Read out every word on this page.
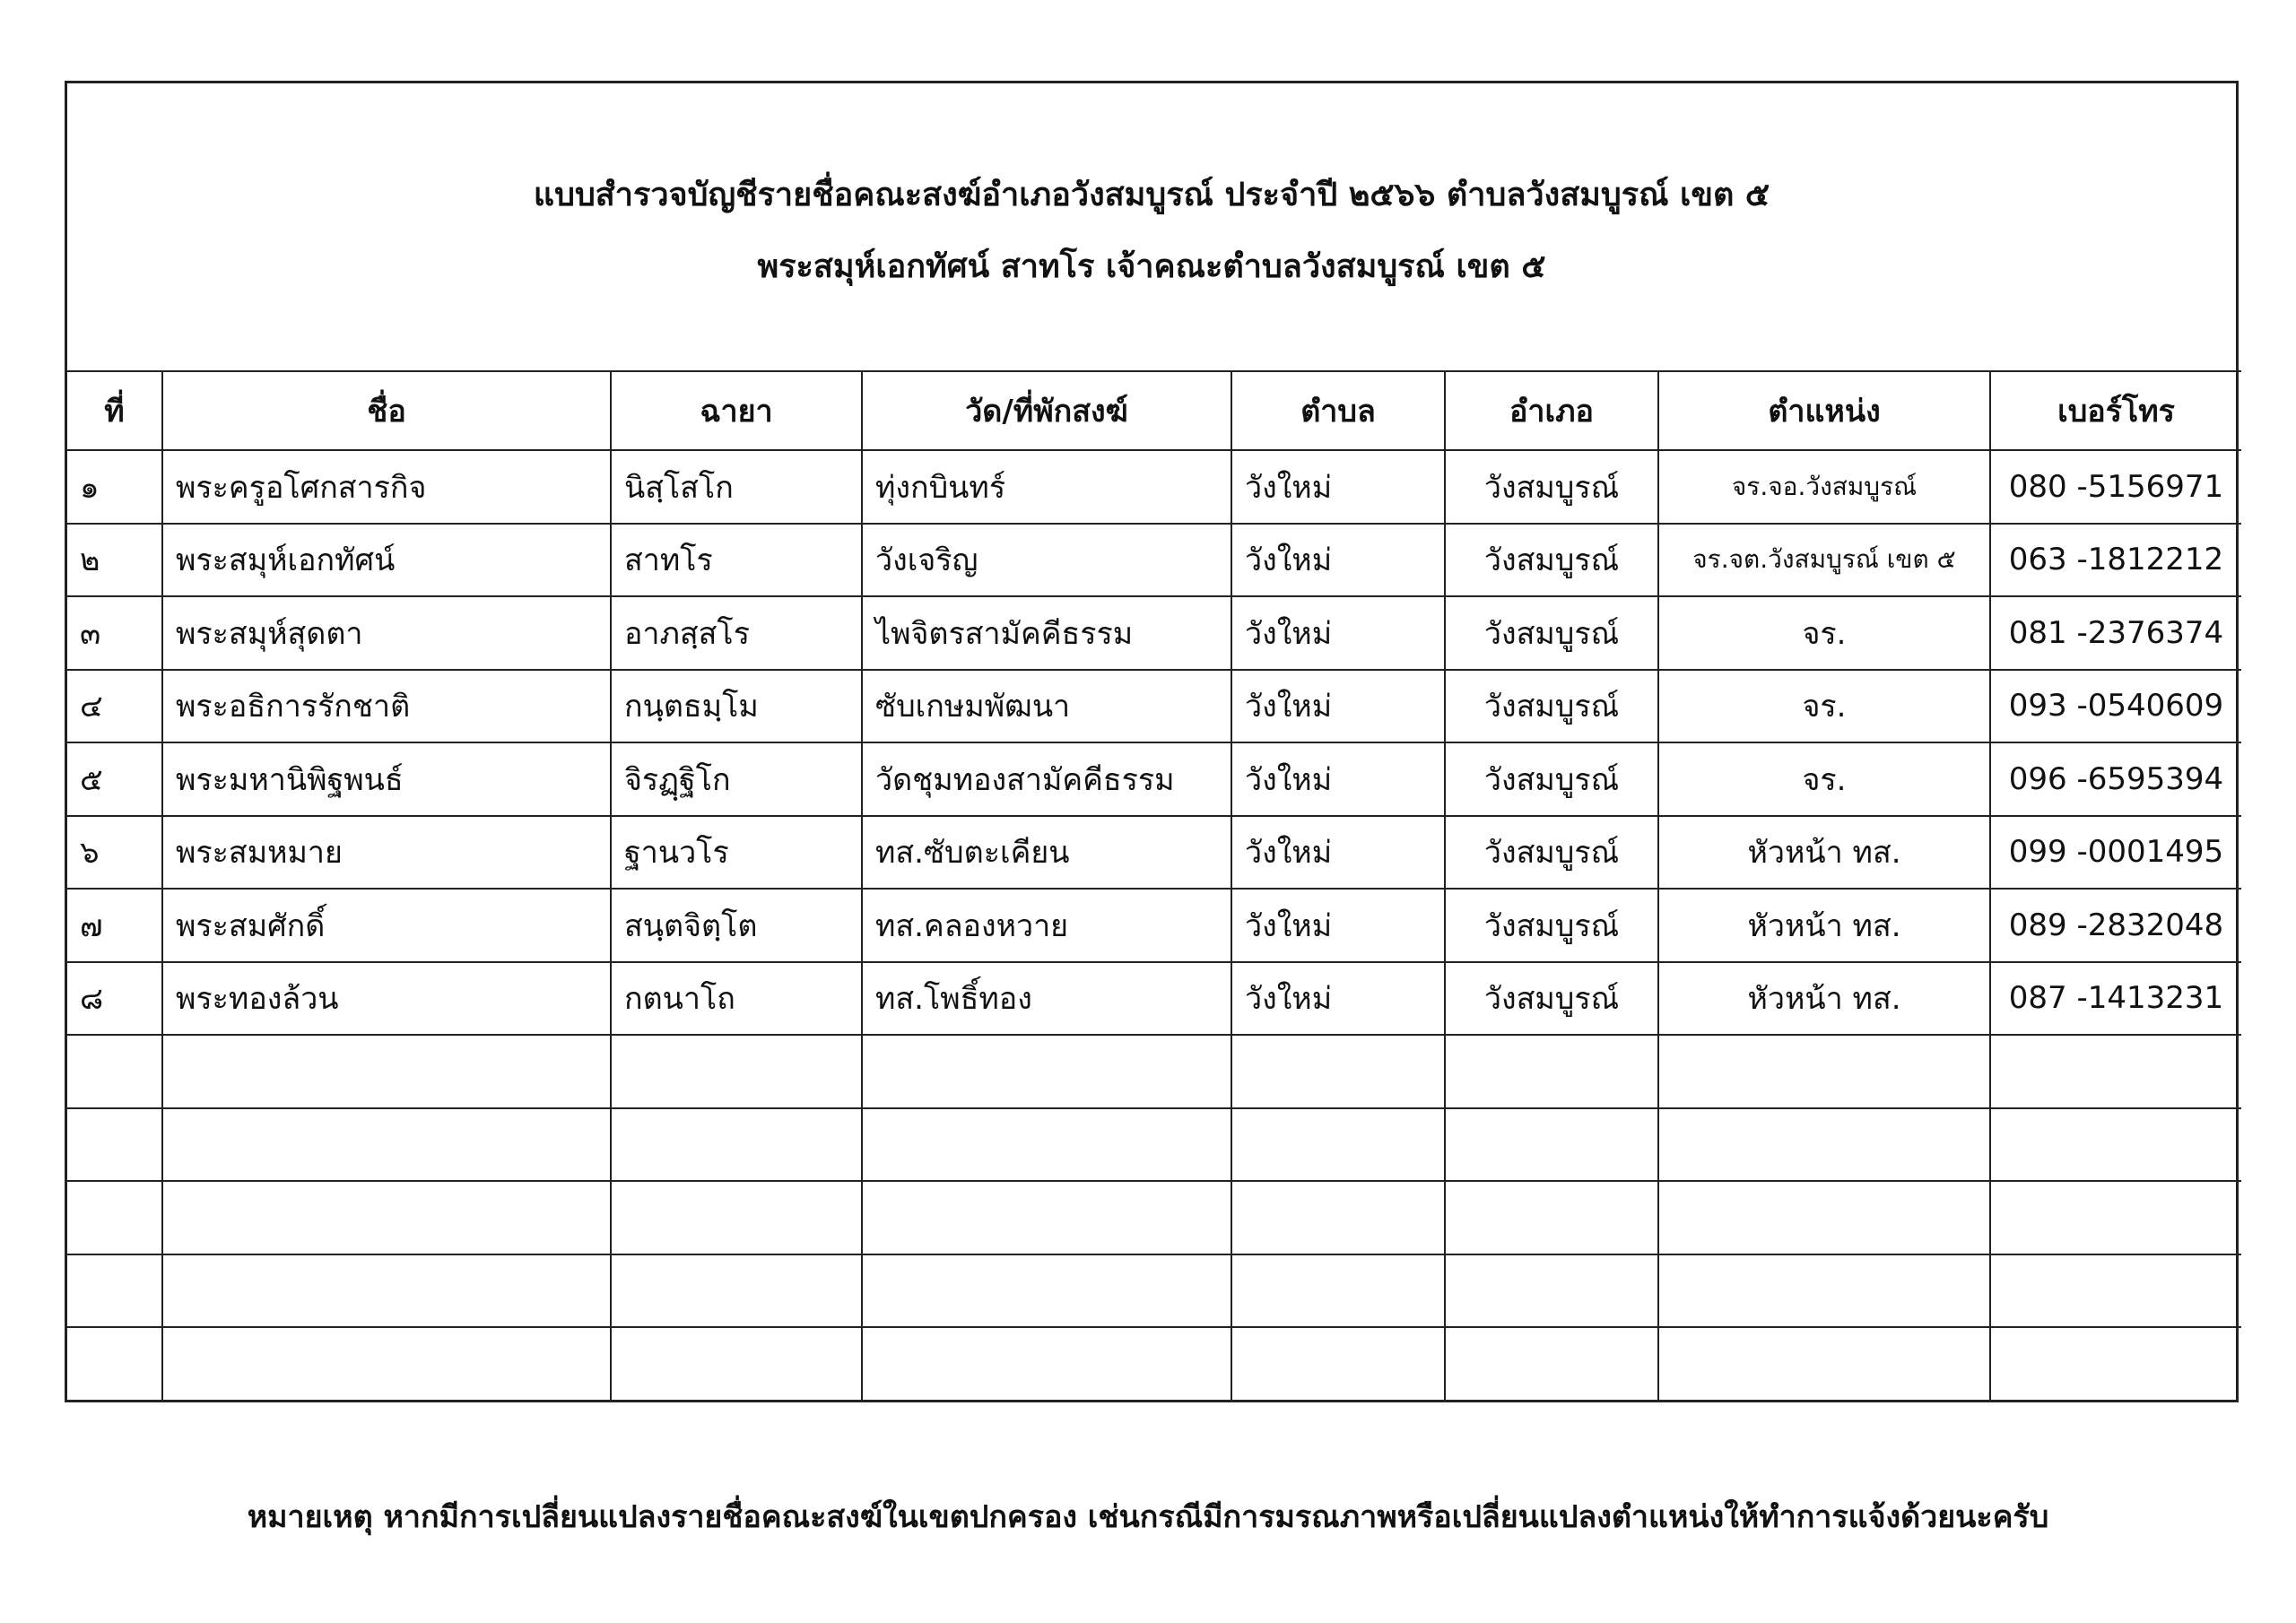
แบบสำรวจบัญชีรายชื่อคณะสงฆ์อำเภอวังสมบูรณ์ ประจำปี ๒๕๖๖ ตำบลวังสมบูรณ์ เขต ๕
พระสมุห์เอกทัศน์ สาทโร เจ้าคณะตำบลวังสมบูรณ์ เขต ๕
ที่	ชื่อ	ฉายา	วัด/ที่พักสงฆ์	ตำบล	อำเภอ	ตำแหน่ง	เบอร์โทร
๑	พระครูอโศกสารกิจ	นิสฺโสโก	ทุ่งกบินทร์	วังใหม่	วังสมบูรณ์	จร.จอ.วังสมบูรณ์	080 -5156971
๒	พระสมุห์เอกทัศน์	สาทโร	วังเจริญ	วังใหม่	วังสมบูรณ์	จร.จต.วังสมบูรณ์ เขต ๕	063 -1812212
๓	พระสมุห์สุดตา	อาภสฺสโร	ไพจิตรสามัคคีธรรม	วังใหม่	วังสมบูรณ์	จร.	081 -2376374
๔	พระอธิการรักชาติ	กนฺตธมฺโม	ซับเกษมพัฒนา	วังใหม่	วังสมบูรณ์	จร.	093 -0540609
๕	พระมหานิพิฐพนธ์	จิรฏฺฐิโก	วัดชุมทองสามัคคีธรรม	วังใหม่	วังสมบูรณ์	จร.	096 -6595394
๖	พระสมหมาย	ฐานวโร	ทส.ซับตะเคียน	วังใหม่	วังสมบูรณ์	หัวหน้า ทส.	099 -0001495
๗	พระสมศักดิ์	สนฺตจิตฺโต	ทส.คลองหวาย	วังใหม่	วังสมบูรณ์	หัวหน้า ทส.	089 -2832048
๘	พระทองล้วน	กตนาโถ	ทส.โพธิ์ทอง	วังใหม่	วังสมบูรณ์	หัวหน้า ทส.	087 -1413231

หมายเหตุ หากมีการเปลี่ยนแปลงรายชื่อคณะสงฆ์ในเขตปกครอง เช่นกรณีมีการมรณภาพหรือเปลี่ยนแปลงตำแหน่งให้ทำการแจ้งด้วยนะครับ
